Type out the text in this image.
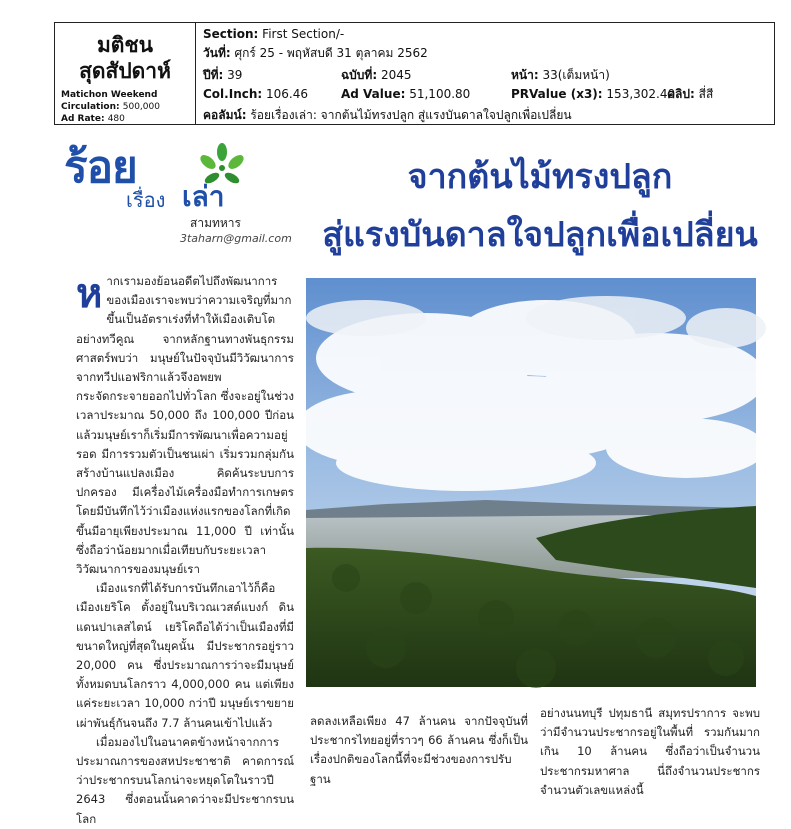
มติชน
สุดสัปดาห์
Matichon Weekend
Circulation: 500,000
Ad Rate: 480
Section: First Section/-
วันที่: ศุกร์ 25 - พฤหัสบดี 31 ตุลาคม 2562
ปีที่: 39	ฉบับที่: 2045	หน้า: 33(เต็มหน้า)
Col.Inch: 106.46	Ad Value: 51,100.80	PRValue (x3): 153,302.40
คลิป: สี่สี
คอลัมน์: ร้อยเรื่องเล่า: จากต้นไม้ทรงปลูก สู่แรงบันดาลใจปลูกเพื่อเปลี่ยน
ร้อย
เรื่อง เล่า
สามทหาร
3taharn@gmail.com
จากต้นไม้ทรงปลูก
สู่แรงบันดาลใจปลูกเพื่อเปลี่ยน

หากเรามองย้อนอดีตไปถึงพัฒนาการของเมืองเราจะพบว่าความเจริญที่มากขึ้นเป็นอัตราเร่งที่ทำให้เมืองเติบโตอย่างทวีคูณ จากหลักฐานทางพันธุกรรมศาสตร์พบว่า มนุษย์ในปัจจุบันมีวิวัฒนาการจากทวีปแอฟริกาแล้วจึงอพยพกระจัดกระจายออกไปทั่วโลก ซึ่งจะอยู่ในช่วงเวลาประมาณ 50,000 ถึง 100,000 ปีก่อน แล้วมนุษย์เราก็เริ่มมีการพัฒนาเพื่อความอยู่รอด มีการรวมตัวเป็นชนเผ่า เริ่มรวมกลุ่มกันสร้างบ้านแปลงเมือง คิดค้นระบบการปกครอง มีเครื่องไม้เครื่องมือทำการเกษตร โดยมีบันทึกไว้ว่าเมืองแห่งแรกของโลกที่เกิดขึ้นมีอายุเพียงประมาณ 11,000 ปี เท่านั้น ซึ่งถือว่าน้อยมากเมื่อเทียบกับระยะเวลาวิวัฒนาการของมนุษย์เรา

เมืองแรกที่ได้รับการบันทึกเอาไว้ก็คือ เมืองเยริโค ตั้งอยู่ในบริเวณเวสต์แบงก์ ดินแดนปาเลสไตน์ เยริโคถือได้ว่าเป็นเมืองที่มีขนาดใหญ่ที่สุดในยุคนั้น มีประชากรอยู่ราว 20,000 คน ซึ่งประมาณการว่าจะมีมนุษย์ทั้งหมดบนโลกราว 4,000,000 คน แต่เพียงแค่ระยะเวลา 10,000 กว่าปี มนุษย์เราขยายเผ่าพันธุ์กันจนถึง 7.7 ล้านคนเข้าไปแล้ว

เมื่อมองไปในอนาคตข้างหน้าจากการประมาณการของสหประชาชาติ คาดการณ์ว่าประชากรบนโลกน่าจะหยุดโตในราวปี 2643 ซึ่งตอนนั้นคาดว่าจะมีประชากรบนโลก

ลดลงเหลือเพียง 47 ล้านคน จากปัจจุบันที่ประชากรไทยอยู่ที่ราวๆ 66 ล้านคน ซึ่งก็เป็นเรื่องปกติของโลกนี้ที่จะมีช่วงของการปรับฐาน
อย่างนนทบุรี ปทุมธานี สมุทรปราการ จะพบว่ามีจำนวนประชากรอยู่ในพื้นที่ รวมกันมากเกิน 10 ล้านคน ซึ่งถือว่าเป็นจำนวนประชากรมหาศาล นี่ถึงจำนวนประชากรจำนวนตัวเลขแหล่งนี้
